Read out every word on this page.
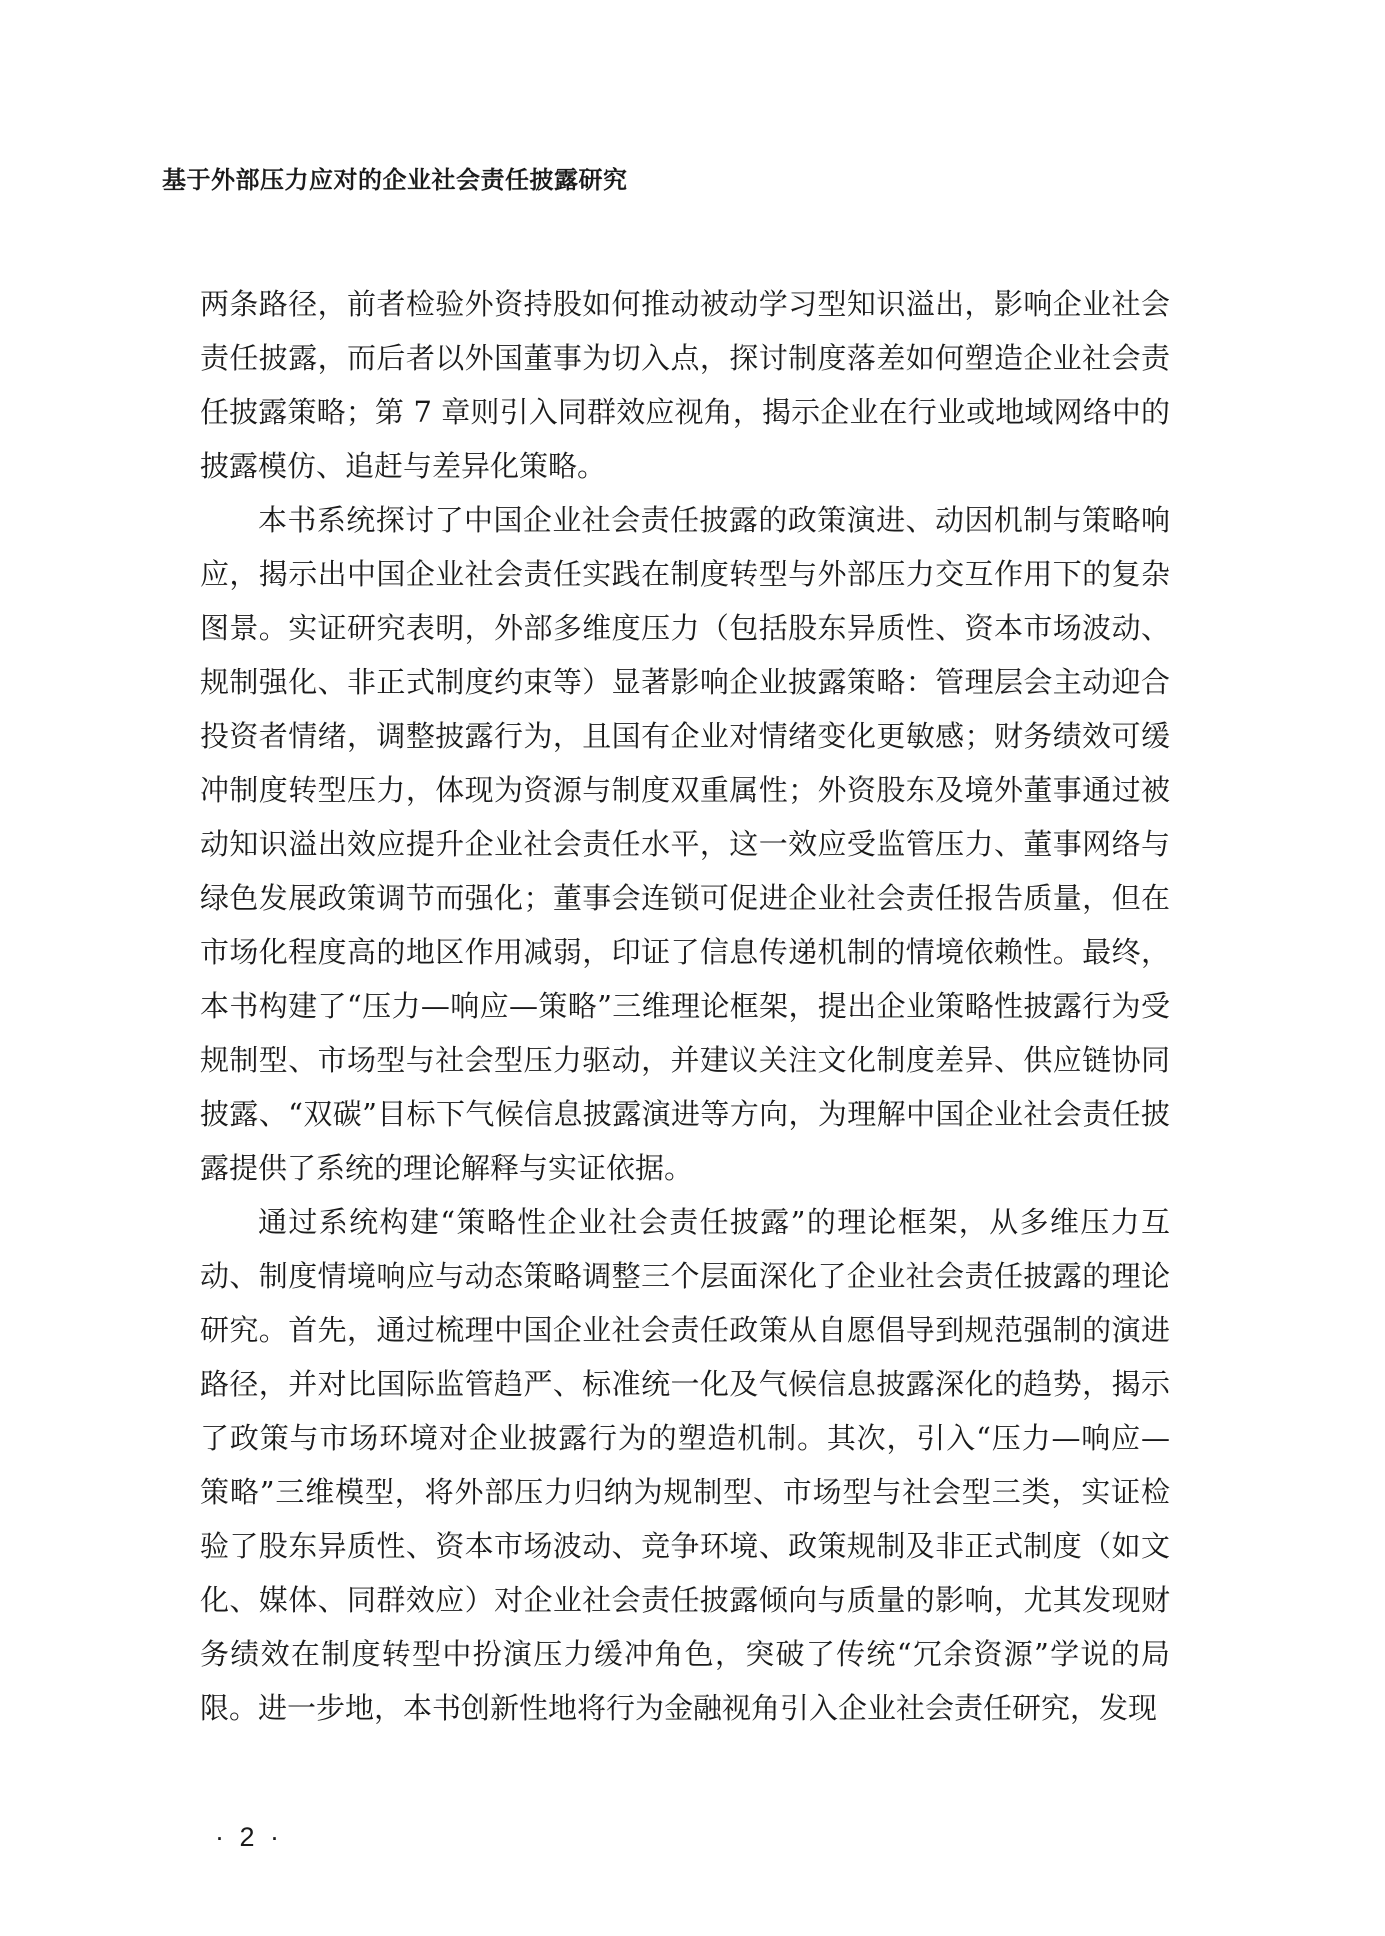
基于外部压力应对的企业社会责任披露研究

两条路径，前者检验外资持股如何推动被动学习型知识溢出，影响企业社会责任披露，而后者以外国董事为切入点，探讨制度落差如何塑造企业社会责任披露策略；第 7 章则引入同群效应视角，揭示企业在行业或地域网络中的披露模仿、追赶与差异化策略。

本书系统探讨了中国企业社会责任披露的政策演进、动因机制与策略响应，揭示出中国企业社会责任实践在制度转型与外部压力交互作用下的复杂图景。实证研究表明，外部多维度压力（包括股东异质性、资本市场波动、规制强化、非正式制度约束等）显著影响企业披露策略：管理层会主动迎合投资者情绪，调整披露行为，且国有企业对情绪变化更敏感；财务绩效可缓冲制度转型压力，体现为资源与制度双重属性；外资股东及境外董事通过被动知识溢出效应提升企业社会责任水平，这一效应受监管压力、董事网络与绿色发展政策调节而强化；董事会连锁可促进企业社会责任报告质量，但在市场化程度高的地区作用减弱，印证了信息传递机制的情境依赖性。最终，本书构建了“压力—响应—策略”三维理论框架，提出企业策略性披露行为受规制型、市场型与社会型压力驱动，并建议关注文化制度差异、供应链协同披露、“双碳”目标下气候信息披露演进等方向，为理解中国企业社会责任披露提供了系统的理论解释与实证依据。

通过系统构建“策略性企业社会责任披露”的理论框架，从多维压力互动、制度情境响应与动态策略调整三个层面深化了企业社会责任披露的理论研究。首先，通过梳理中国企业社会责任政策从自愿倡导到规范强制的演进路径，并对比国际监管趋严、标准统一化及气候信息披露深化的趋势，揭示了政策与市场环境对企业披露行为的塑造机制。其次，引入“压力—响应—策略”三维模型，将外部压力归纳为规制型、市场型与社会型三类，实证检验了股东异质性、资本市场波动、竞争环境、政策规制及非正式制度（如文化、媒体、同群效应）对企业社会责任披露倾向与质量的影响，尤其发现财务绩效在制度转型中扮演压力缓冲角色，突破了传统“冗余资源”学说的局限。进一步地，本书创新性地将行为金融视角引入企业社会责任研究，发现

· 2 ·
